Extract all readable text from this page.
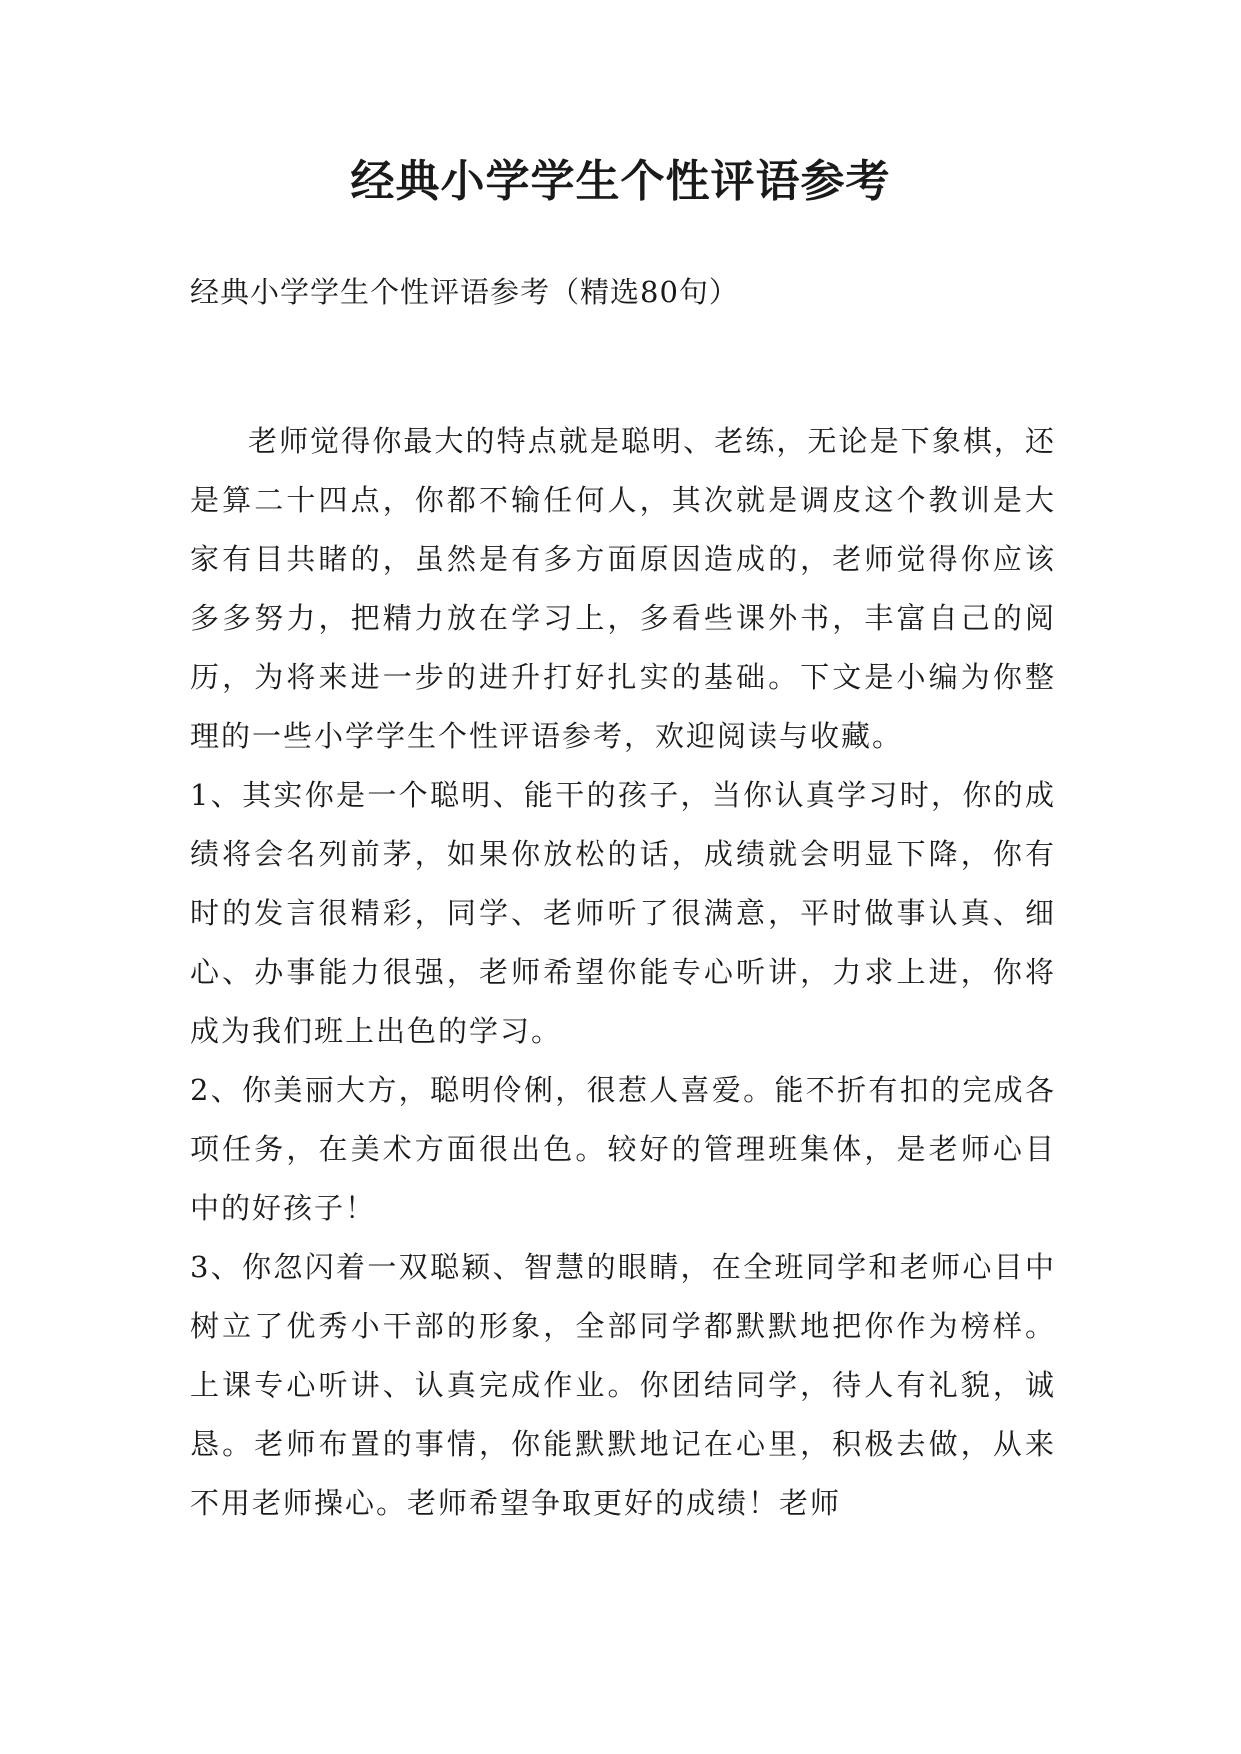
经典小学学生个性评语参考

经典小学学生个性评语参考（精选80句）

老师觉得你最大的特点就是聪明、老练，无论是下象棋，还是算二十四点，你都不输任何人，其次就是调皮这个教训是大家有目共睹的，虽然是有多方面原因造成的，老师觉得你应该多多努力，把精力放在学习上，多看些课外书，丰富自己的阅历，为将来进一步的进升打好扎实的基础。下文是小编为你整理的一些小学学生个性评语参考，欢迎阅读与收藏。

1、其实你是一个聪明、能干的孩子，当你认真学习时，你的成绩将会名列前茅，如果你放松的话，成绩就会明显下降，你有时的发言很精彩，同学、老师听了很满意，平时做事认真、细心、办事能力很强，老师希望你能专心听讲，力求上进，你将成为我们班上出色的学习。

2、你美丽大方，聪明伶俐，很惹人喜爱。能不折有扣的完成各项任务，在美术方面很出色。较好的管理班集体，是老师心目中的好孩子！

3、你忽闪着一双聪颖、智慧的眼睛，在全班同学和老师心目中树立了优秀小干部的形象，全部同学都默默地把你作为榜样。上课专心听讲、认真完成作业。你团结同学，待人有礼貌，诚恳。老师布置的事情，你能默默地记在心里，积极去做，从来不用老师操心。老师希望争取更好的成绩！老师
